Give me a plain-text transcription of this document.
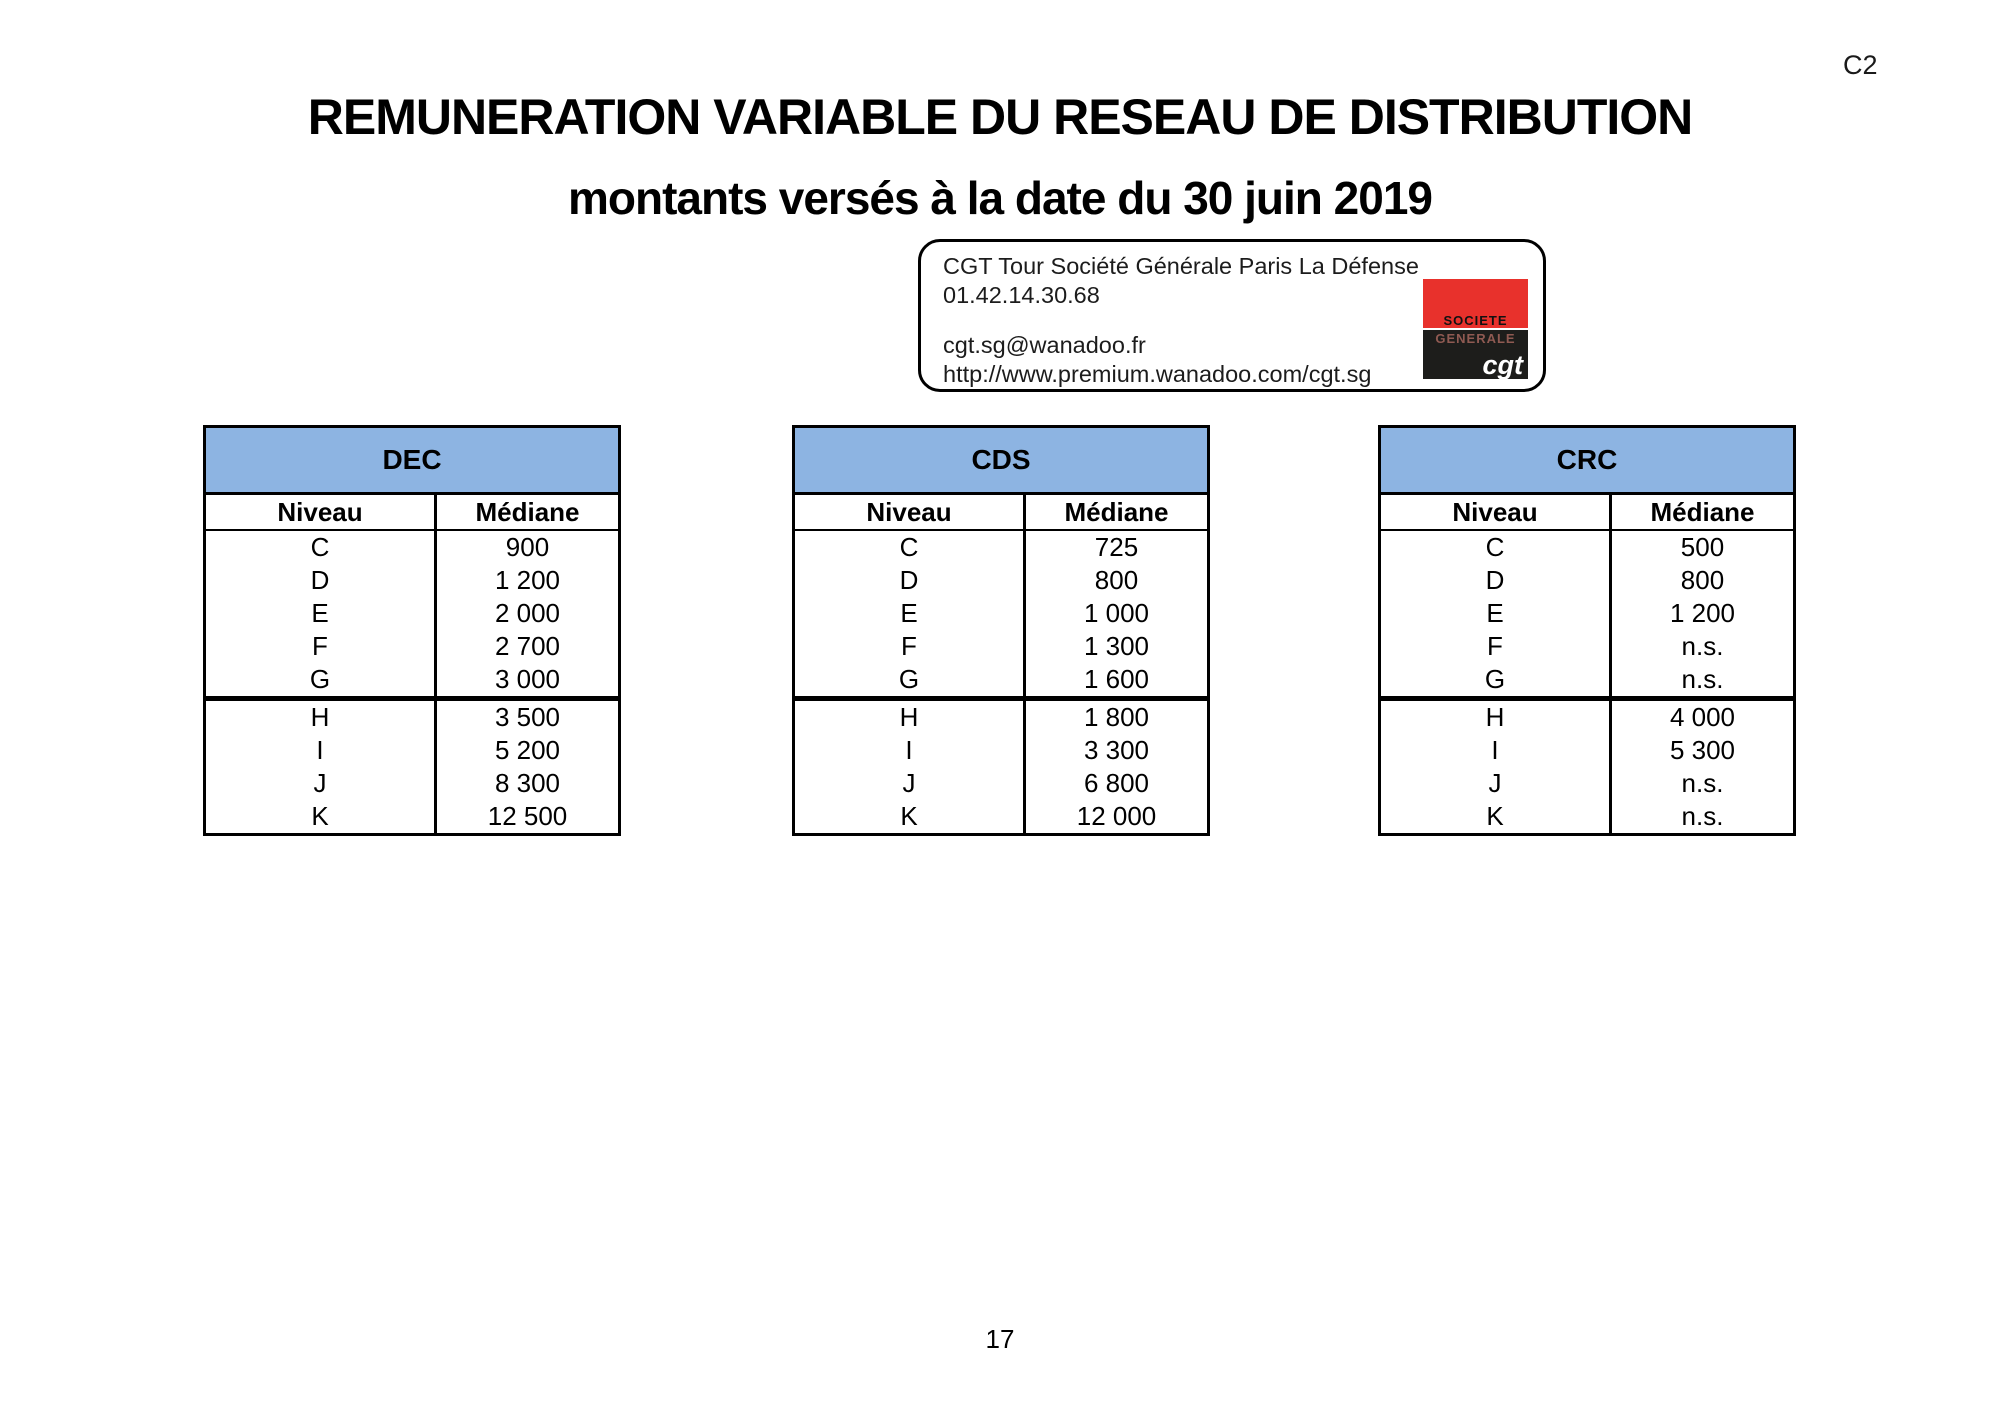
C2
REMUNERATION VARIABLE DU RESEAU DE DISTRIBUTION
montants versés à la date du 30 juin 2019
CGT Tour Société Générale Paris La Défense
01.42.14.30.68
cgt.sg@wanadoo.fr
http://www.premium.wanadoo.com/cgt.sg
SOCIETE
GENERALE
cgt
DEC
Niveau	Médiane
C	900
D	1 200
E	2 000
F	2 700
G	3 000
H	3 500
I	5 200
J	8 300
K	12 500
CDS
Niveau	Médiane
C	725
D	800
E	1 000
F	1 300
G	1 600
H	1 800
I	3 300
J	6 800
K	12 000
CRC
Niveau	Médiane
C	500
D	800
E	1 200
F	n.s.
G	n.s.
H	4 000
I	5 300
J	n.s.
K	n.s.
17
